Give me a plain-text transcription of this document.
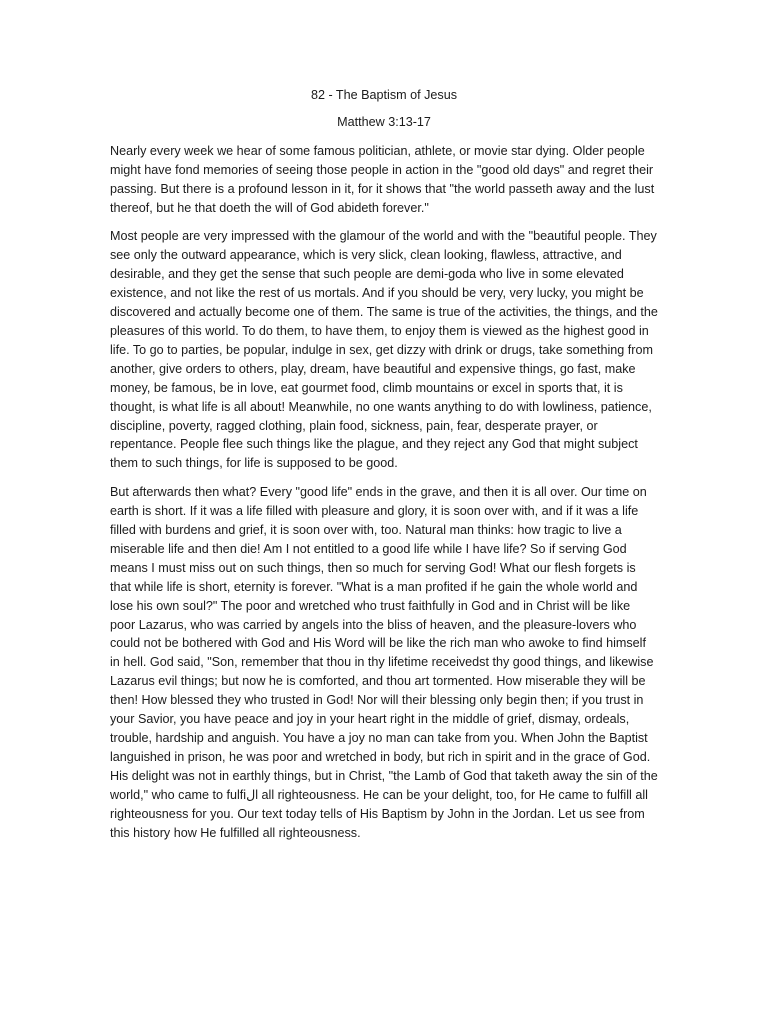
82 - The Baptism of Jesus

Matthew 3:13-17

Nearly every week we hear of some famous politician, athlete, or movie star dying. Older people might have fond memories of seeing those people in action in the "good old days" and regret their passing. But there is a profound lesson in it, for it shows that "the world passeth away and the lust thereof, but he that doeth the will of God abideth forever."

Most people are very impressed with the glamour of the world and with the "beautiful people. They see only the outward appearance, which is very slick, clean looking, flawless, attractive, and desirable, and they get the sense that such people are demi-goda who live in some elevated existence, and not like the rest of us mortals. And if you should be very, very lucky, you might be discovered and actually become one of them. The same is true of the activities, the things, and the pleasures of this world. To do them, to have them, to enjoy them is viewed as the highest good in life. To go to parties, be popular, indulge in sex, get dizzy with drink or drugs, take something from another, give orders to others, play, dream, have beautiful and expensive things, go fast, make money, be famous, be in love, eat gourmet food, climb mountains or excel in sports that, it is thought, is what life is all about! Meanwhile, no one wants anything to do with lowliness, patience, discipline, poverty, ragged clothing, plain food, sickness, pain, fear, desperate prayer, or repentance. People flee such things like the plague, and they reject any God that might subject them to such things, for life is supposed to be good.

But afterwards then what? Every "good life" ends in the grave, and then it is all over. Our time on earth is short. If it was a life filled with pleasure and glory, it is soon over with, and if it was a life filled with burdens and grief, it is soon over with, too. Natural man thinks: how tragic to live a miserable life and then die! Am I not entitled to a good life while I have life? So if serving God means I must miss out on such things, then so much for serving God! What our flesh forgets is that while life is short, eternity is forever. "What is a man profited if he gain the whole world and lose his own soul?" The poor and wretched who trust faithfully in God and in Christ will be like poor Lazarus, who was carried by angels into the bliss of heaven, and the pleasure-lovers who could not be bothered with God and His Word will be like the rich man who awoke to find himself in hell. God said, "Son, remember that thou in thy lifetime receivedst thy good things, and likewise Lazarus evil things; but now he is comforted, and thou art tormented. How miserable they will be then! How blessed they who trusted in God! Nor will their blessing only begin then; if you trust in your Savior, you have peace and joy in your heart right in the middle of grief, dismay, ordeals, trouble, hardship and anguish. You have a joy no man can take from you. When John the Baptist languished in prison, he was poor and wretched in body, but rich in spirit and in the grace of God. His delight was not in earthly things, but in Christ, "the Lamb of God that taketh away the sin of the world," who came to fulfiلl all righteousness. He can be your delight, too, for He came to fulfill all righteousness for you. Our text today tells of His Baptism by John in the Jordan. Let us see from this history how He fulfilled all righteousness.
